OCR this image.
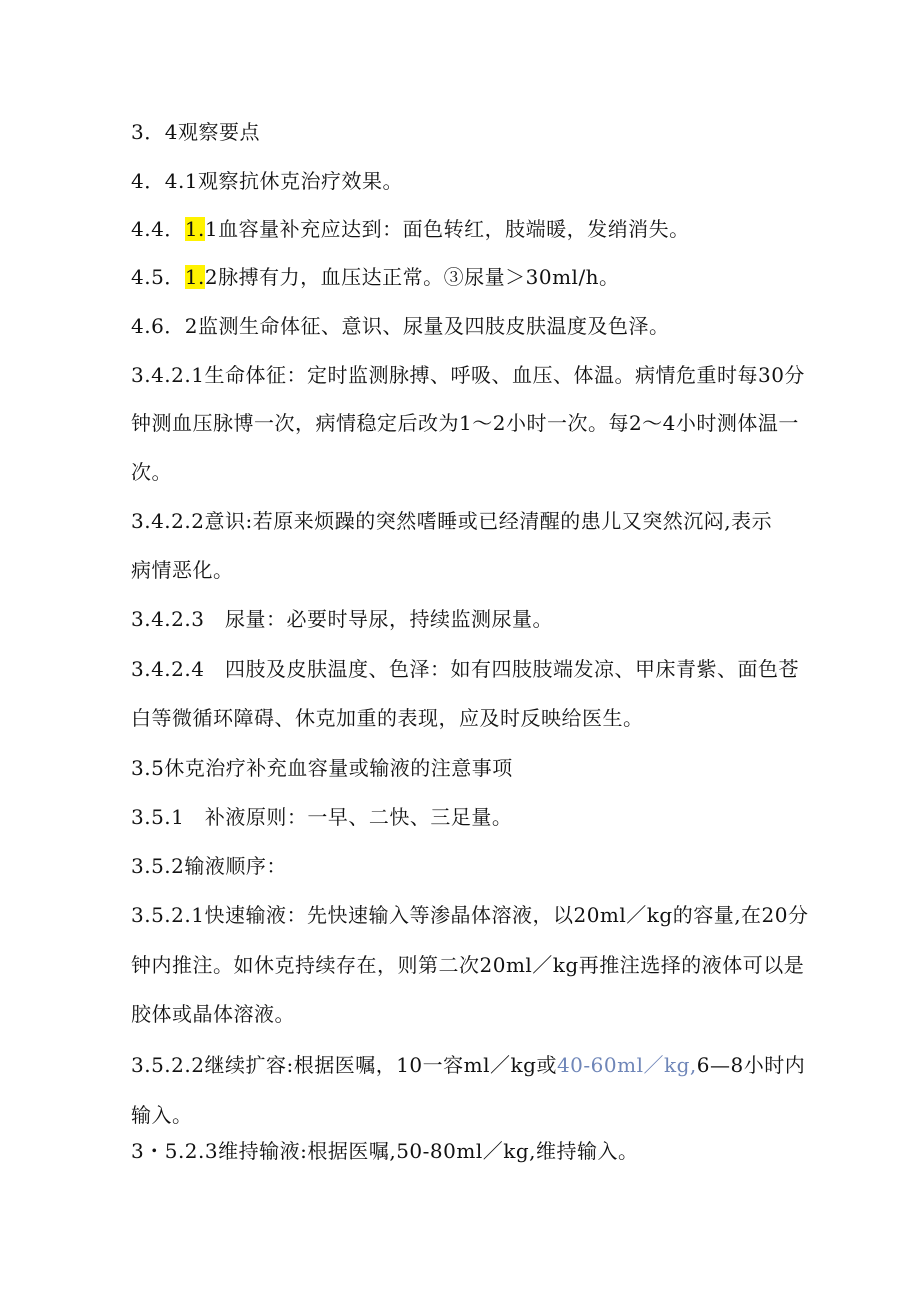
3．4观察要点
4．4.1观察抗休克治疗效果。
4.4．1.1血容量补充应达到：面色转红，肢端暖，发绡消失。
4.5．1.2脉搏有力，血压达正常。③尿量＞30ml/h。
4.6．2监测生命体征、意识、尿量及四肢皮肤温度及色泽。
3.4.2.1生命体征：定时监测脉搏、呼吸、血压、体温。病情危重时每30分
钟测血压脉博一次，病情稳定后改为1～2小时一次。每2～4小时测体温一
次。
3.4.2.2意识:若原来烦躁的突然嗜睡或已经清醒的患儿又突然沉闷,表示
病情恶化。
3.4.2.3　尿量：必要时导尿，持续监测尿量。
3.4.2.4　四肢及皮肤温度、色泽：如有四肢肢端发凉、甲床青紫、面色苍
白等微循环障碍、休克加重的表现，应及时反映给医生。
3.5休克治疗补充血容量或输液的注意事项
3.5.1　补液原则：一早、二快、三足量。
3.5.2输液顺序：
3.5.2.1快速输液：先快速输入等渗晶体溶液，以20ml／kg的容量,在20分
钟内推注。如休克持续存在，则第二次20ml／kg再推注选择的液体可以是
胶体或晶体溶液。
3.5.2.2继续扩容:根据医嘱，10一容ml／kg或40-60ml／kg,6—8小时内
输入。
3・5.2.3维持输液:根据医嘱,50-80ml／kg,维持输入。
